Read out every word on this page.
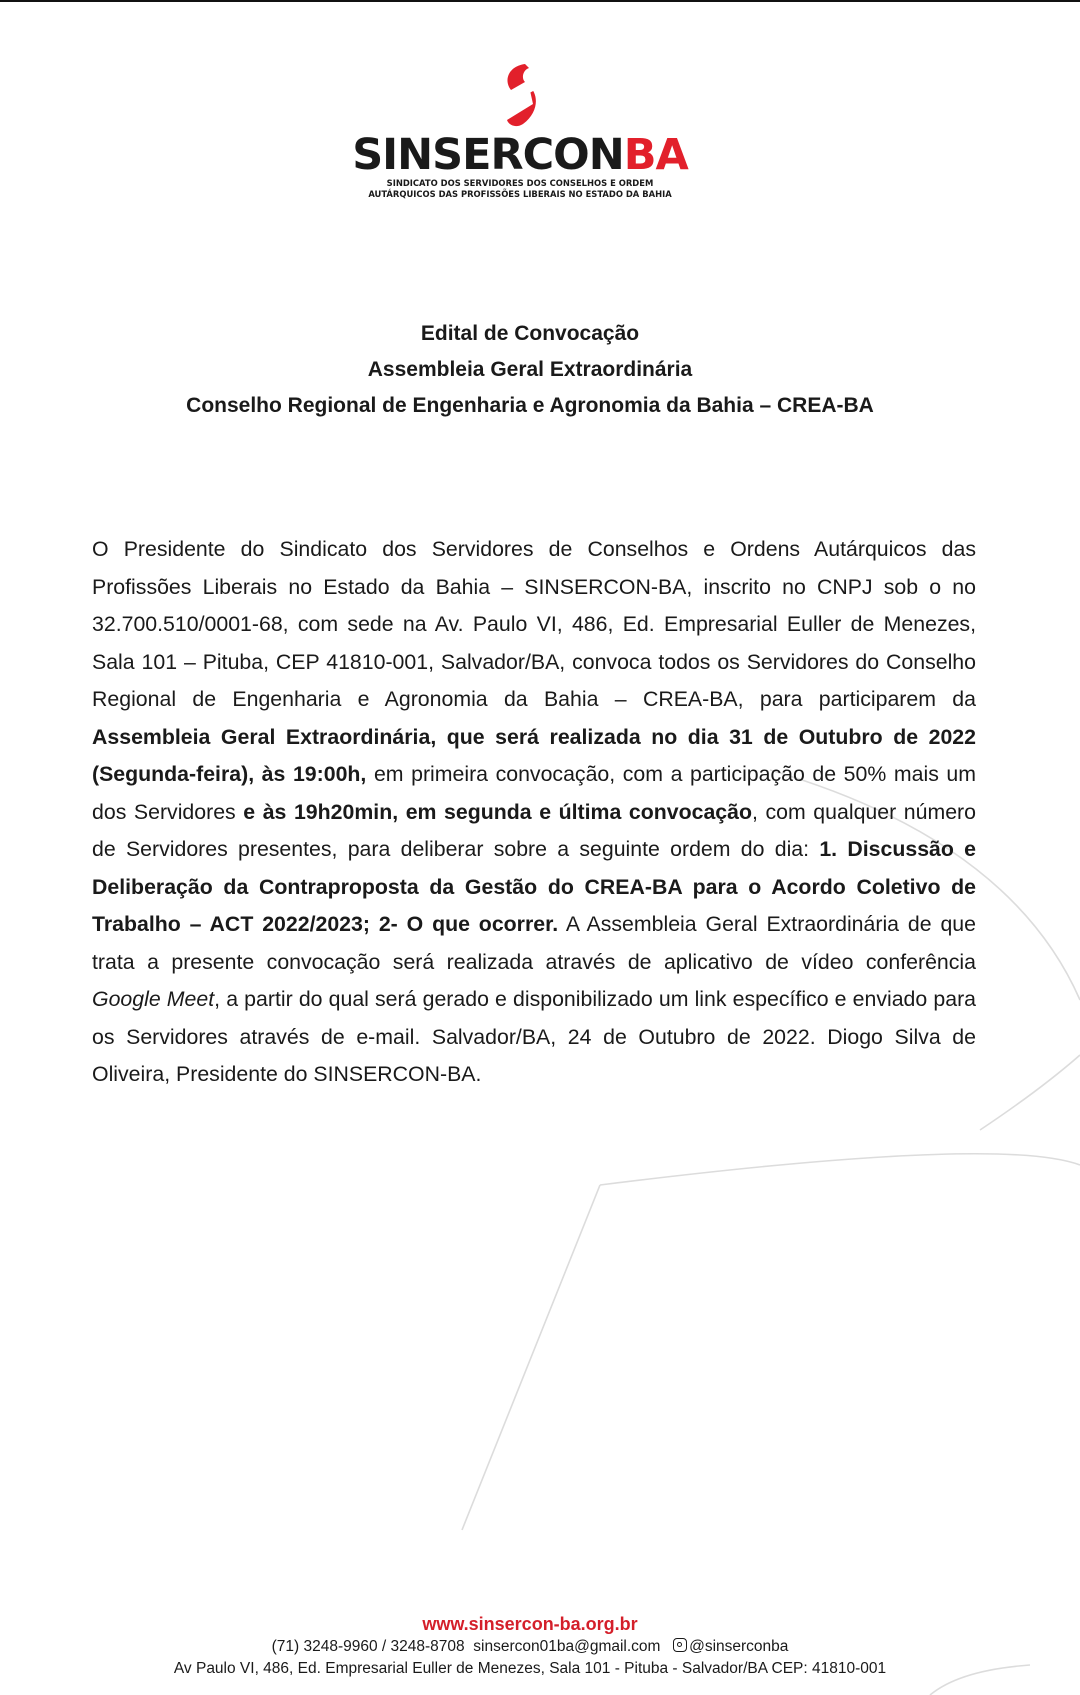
SINSERCONBA
SINDICATO DOS SERVIDORES DOS CONSELHOS E ORDEM
AUTÁRQUICOS DAS PROFISSÕES LIBERAIS NO ESTADO DA BAHIA
Edital de Convocação
Assembleia Geral Extraordinária
Conselho Regional de Engenharia e Agronomia da Bahia – CREA-BA

O Presidente do Sindicato dos Servidores de Conselhos e Ordens Autárquicos das Profissões Liberais no Estado da Bahia – SINSERCON-BA, inscrito no CNPJ sob o no 32.700.510/0001-68, com sede na Av. Paulo VI, 486, Ed. Empresarial Euller de Menezes, Sala 101 – Pituba, CEP 41810-001, Salvador/BA, convoca todos os Servidores do Conselho Regional de Engenharia e Agronomia da Bahia – CREA-BA, para participarem da Assembleia Geral Extraordinária, que será realizada no dia 31 de Outubro de 2022 (Segunda-feira), às 19:00h, em primeira convocação, com a participação de 50% mais um dos Servidores e às 19h20min, em segunda e última convocação, com qualquer número de Servidores presentes, para deliberar sobre a seguinte ordem do dia: 1. Discussão e Deliberação da Contraproposta da Gestão do CREA-BA para o Acordo Coletivo de Trabalho – ACT 2022/2023; 2- O que ocorrer. A Assembleia Geral Extraordinária de que trata a presente convocação será realizada através de aplicativo de vídeo conferência Google Meet, a partir do qual será gerado e disponibilizado um link específico e enviado para os Servidores através de e-mail. Salvador/BA, 24 de Outubro de 2022. Diogo Silva de Oliveira, Presidente do SINSERCON-BA.

www.sinsercon-ba.org.br
(71) 3248-9960 / 3248-8708 sinsercon01ba@gmail.com @sinserconba
Av Paulo VI, 486, Ed. Empresarial Euller de Menezes, Sala 101 - Pituba - Salvador/BA CEP: 41810-001
